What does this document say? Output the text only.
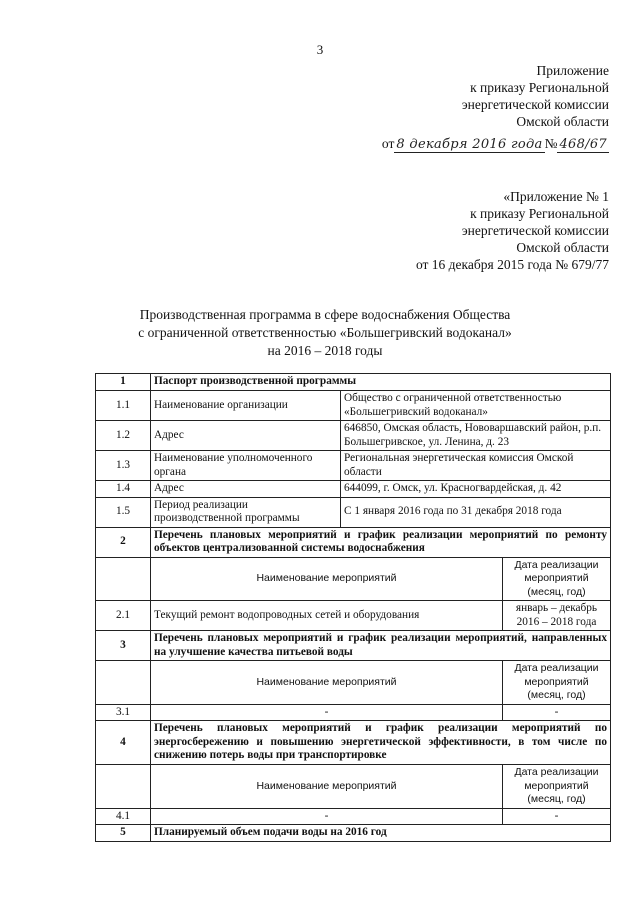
3
Приложение
к приказу Региональной
энергетической комиссии
Омской области
от 8 декабря 2016 года № 468/67
«Приложение № 1
к приказу Региональной
энергетической комиссии
Омской области
от 16 декабря 2015 года № 679/77
Производственная программа в сфере водоснабжения Общества
с ограниченной ответственностью «Большегривский водоканал»
на 2016 – 2018 годы
1	Паспорт производственной программы		
1.1	Наименование организации	Общество с ограниченной ответственностью «Большегривский водоканал»	
1.2	Адрес	646850, Омская область, Нововаршавский район, р.п. Большегривское, ул. Ленина, д. 23	
1.3	Наименование уполномоченного органа	Региональная энергетическая комиссия Омской области	
1.4	Адрес	644099, г. Омск, ул. Красногвардейская, д. 42	
1.5	Период реализации производственной программы	С 1 января 2016 года по 31 декабря 2018 года	
2	Перечень плановых мероприятий и график реализации мероприятий по ремонту объектов централизованной системы водоснабжения		
	Наименование мероприятий		Дата реализации мероприятий (месяц, год)
2.1	Текущий ремонт водопроводных сетей и оборудования		январь – декабрь 2016 – 2018 года
3	Перечень плановых мероприятий и график реализации мероприятий, направленных на улучшение качества питьевой воды		
	Наименование мероприятий		Дата реализации мероприятий (месяц, год)
3.1	-		-
4	Перечень плановых мероприятий и график реализации мероприятий по энергосбережению и повышению энергетической эффективности, в том числе по снижению потерь воды при транспортировке		
	Наименование мероприятий		Дата реализации мероприятий (месяц, год)
4.1	-		-
5	Планируемый объем подачи воды на 2016 год		
